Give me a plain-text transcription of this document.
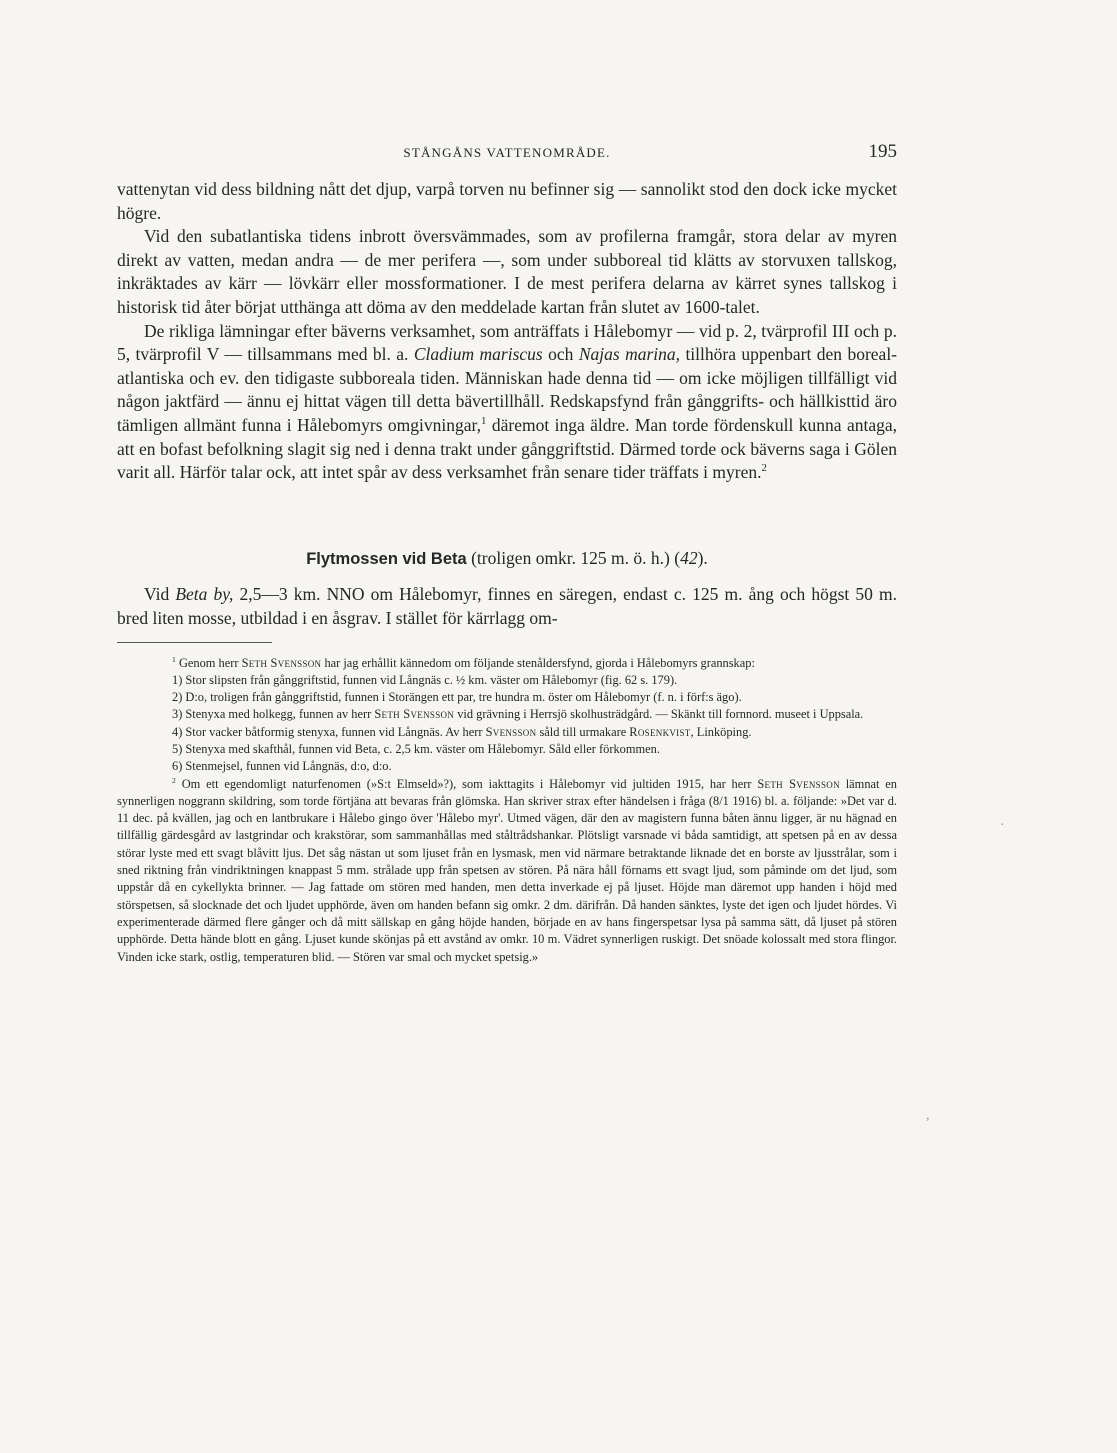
STÅNGÅNS VATTENOMRÅDE.	195

vattenytan vid dess bildning nått det djup, varpå torven nu befinner sig — sannolikt stod den dock icke mycket högre.

Vid den subatlantiska tidens inbrott översvämmades, som av profilerna framgår, stora delar av myren direkt av vatten, medan andra — de mer perifera —, som under subboreal tid klätts av storvuxen tallskog, inkräktades av kärr — lövkärr eller mossformationer. I de mest perifera delarna av kärret synes tallskog i historisk tid åter börjat utthänga att döma av den meddelade kartan från slutet av 1600-talet.

De rikliga lämningar efter bäverns verksamhet, som anträffats i Hålebomyr — vid p. 2, tvärprofil III och p. 5, tvärprofil V — tillsammans med bl. a. Cladium mariscus och Najas marina, tillhöra uppenbart den boreal-atlantiska och ev. den tidigaste subboreala tiden. Människan hade denna tid — om icke möjligen tillfälligt vid någon jaktfärd — ännu ej hittat vägen till detta bävertillhåll. Redskapsfynd från gånggrifts- och hällkisttid äro tämligen allmänt funna i Hålebomyrs omgivningar,$^1$ däremot inga äldre. Man torde fördenskull kunna antaga, att en bofast befolkning slagit sig ned i denna trakt under gånggriftstid. Därmed torde ock bäverns saga i Gölen varit all. Härför talar ock, att intet spår av dess verksamhet från senare tider träffats i myren.$^2$

Flytmossen vid Beta (troligen omkr. 125 m. ö. h.) (42).

Vid Beta by, 2,5—3 km. NNO om Hålebomyr, finnes en säregen, endast c. 125 m. ång och högst 50 m. bred liten mosse, utbildad i en åsgrav. I stället för kärrlagg om-

$^1$ Genom herr Seth Svensson har jag erhållit kännedom om följande stenåldersfynd, gjorda i Hålebomyrs grannskap:

1) Stor slipsten från gånggriftstid, funnen vid Långnäs c. ½ km. väster om Hålebomyr (fig. 62 s. 179).

2) D:o, troligen från gånggriftstid, funnen i Storängen ett par, tre hundra m. öster om Hålebomyr (f. n. i förf:s ägo).

3) Stenyxa med holkegg, funnen av herr Seth Svensson vid grävning i Herrsjö skolhusträdgård. — Skänkt till fornnord. museet i Uppsala.

4) Stor vacker båtformig stenyxa, funnen vid Långnäs. Av herr Svensson såld till urmakare Rosenkvist, Linköping.

5) Stenyxa med skafthål, funnen vid Beta, c. 2,5 km. väster om Hålebomyr. Såld eller förkommen.

6) Stenmejsel, funnen vid Långnäs, d:o, d:o.

$^2$ Om ett egendomligt naturfenomen (»S:t Elmseld»?), som iakttagits i Hålebomyr vid jultiden 1915, har herr Seth Svensson lämnat en synnerligen noggrann skildring, som torde förtjäna att bevaras från glömska. Han skriver strax efter händelsen i fråga (8/1 1916) bl. a. följande: »Det var d. 11 dec. på kvällen, jag och en lantbrukare i Hålebo gingo över 'Hålebo myr'. Utmed vägen, där den av magistern funna båten ännu ligger, är nu hägnad en tillfällig gärdesgård av lastgrindar och krakstörar, som sammanhållas med ståltrådshankar. Plötsligt varsnade vi båda samtidigt, att spetsen på en av dessa störar lyste med ett svagt blåvitt ljus. Det såg nästan ut som ljuset från en lysmask, men vid närmare betraktande liknade det en borste av ljusstrålar, som i sned riktning från vindriktningen knappast 5 mm. strålade upp från spetsen av stören. På nära håll förnams ett svagt ljud, som påminde om det ljud, som uppstår då en cykellykta brinner. — Jag fattade om stören med handen, men detta inverkade ej på ljuset. Höjde man däremot upp handen i höjd med störspetsen, så slocknade det och ljudet upphörde, även om handen befann sig omkr. 2 dm. därifrån. Då handen sänktes, lyste det igen och ljudet hördes. Vi experimenterade därmed flere gånger och då mitt sällskap en gång höjde handen, började en av hans fingerspetsar lysa på samma sätt, då ljuset på stören upphörde. Detta hände blott en gång. Ljuset kunde skönjas på ett avstånd av omkr. 10 m. Vädret synnerligen ruskigt. Det snöade kolossalt med stora flingor. Vinden icke stark, ostlig, temperaturen blid. — Stören var smal och mycket spetsig.»

·
,
